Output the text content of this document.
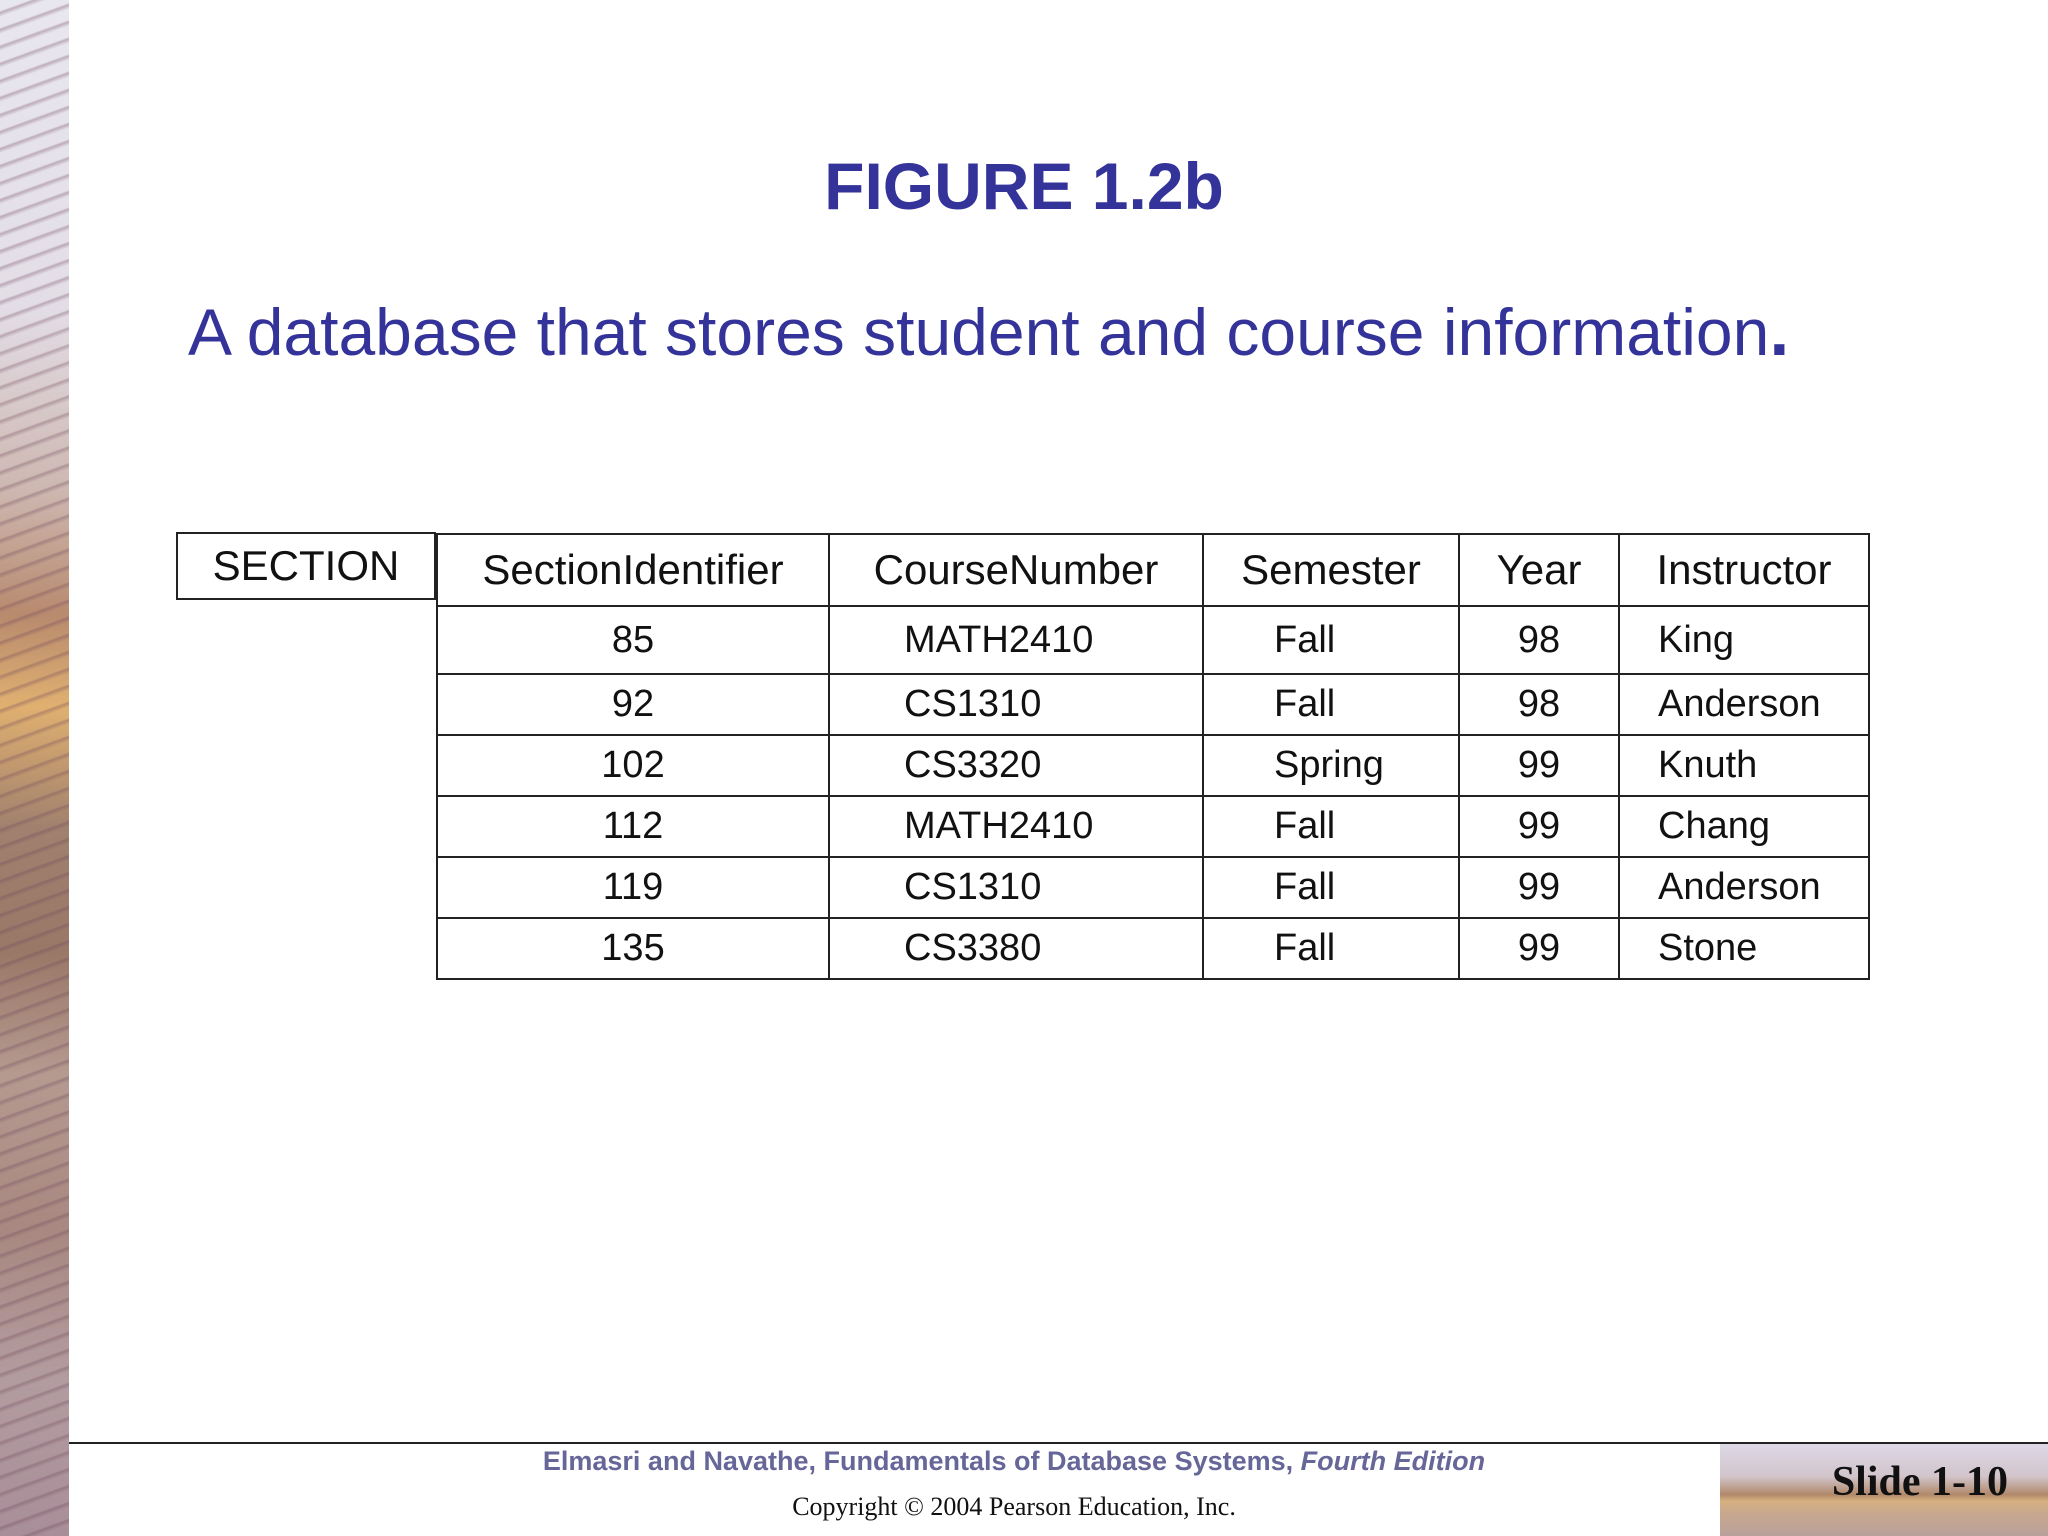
FIGURE 1.2b
A database that stores student and course information.
SECTION	SectionIdentifier	CourseNumber	Semester	Year	Instructor
85	MATH2410	Fall	98	King
92	CS1310	Fall	98	Anderson
102	CS3320	Spring	99	Knuth
112	MATH2410	Fall	99	Chang
119	CS1310	Fall	99	Anderson
135	CS3380	Fall	99	Stone
Elmasri and Navathe, Fundamentals of Database Systems, Fourth Edition
Copyright © 2004 Pearson Education, Inc.
Slide 1-10
